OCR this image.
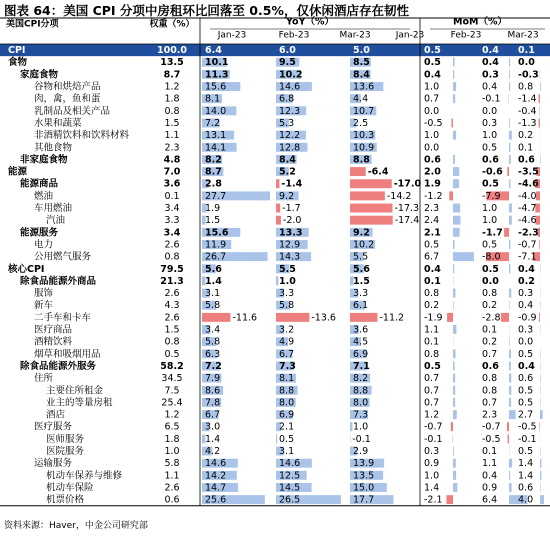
图表 64：美国 CPI 分项中房租环比回落至 0.5%，仅休闲酒店存在韧性
美国CPI分项	权重（%）	YoY（%）	MoM（%）
Jan-23	Jan-23
Feb-23	Feb-23
Mar-23	Mar-23
CPI	100.0 6.4	6.0	5.0	0.5	0.4 0.1
食物	13.5 10.1	9.5	8.5	0.5	0.4 0.0
家庭食物	8.7	11.3	10.2	8.4	0.4	0.3 -0.3
谷物和烘焙产品	1.2	15.6	14.6	13.6	1.0	0.4 0.8
肉，禽，鱼和蛋	1.8	8.1	6.8	4.4	0.7	-0.1 -1.4
乳制品及相关产品	0.8	14.0	12.3	10.7	0.0	0.0 -0.4
水果和蔬菜	1.5	7.2	5.3	2.5	-0.5	0.3 -1.3
非酒精饮料和饮料材料	1.1	13.1	12.2	10.3	1.0	1.0 0.2
其他食物	2.3	14.1	12.8	10.9	0.0	0.5 0.1
非家庭食物	4.8	8.2	8.4	8.8	0.6	0.6 0.6
能源	7.0	8.7	5.2	-6.4	2.0	-0.6 -3.5
能源商品	3.6	2.8	-1.4	-17.0 1.9	0.5 -4.6
燃油	0.1	27.7	9.2	-14.2 -1.2	-7.9 -4.0
车用燃油	3.4	1.9	-1.7	-17.3 2.3	1.0 -4.7
汽油	3.3	1.5	-2.0	-17.4 2.4	1.0 -4.6
能源服务	3.4	15.6	13.3	9.2	2.1	-1.7 -2.3
电力	2.6	11.9	12.9	10.2	0.5	0.5 -0.7
公用燃气服务	0.8	26.7	14.3	5.5	6.7	-8.0 -7.1
核心CPI	79.5 5.6	5.5	5.6	0.4	0.5 0.4
除食品能源外商品	21.3 1.4	1.0	1.5	0.1	0.0 0.2
服饰	2.6	3.1	3.3	3.3	0.8	0.8 0.3
新车	4.3	5.8	5.8	6.1	0.2	0.2 0.4
二手车和卡车	2.6	-11.6	-13.6	-11.2 -1.9	-2.8 -0.9
医疗商品	1.5	3.4	3.2	3.6	1.1	0.1 0.3
酒精饮料	0.8	5.8	4.9	4.5	0.1	0.2 0.0
烟草和吸烟用品	0.5	6.3	6.7	6.9	0.8	0.7 0.5
除食品能源外服务	58.2 7.2	7.3	7.1	0.5	0.6 0.4
住所	34.5 7.9	8.1	8.2	0.7	0.8 0.6
主要住所租金	7.5	8.6	8.8	8.8	0.7	0.8 0.5
业主的等量房租	25.4 7.8	8.0	8.0	0.7	0.7 0.5
酒店	1.2	6.7	6.9	7.3	1.2	2.3 2.7
医疗服务	6.5	3.0	2.1	1.0	-0.7	-0.7 -0.5
医师服务	1.8	1.4	0.5	-0.1	-0.1	-0.5 -0.1
医院服务	1.0	4.2	3.1	2.9	0.3	0.1 0.5
运输服务	5.8	14.6	14.6	13.9	0.9	1.1 1.4
机动车保养与维修	1.1	14.2	12.5	13.5	1.0	0.4 1.4
机动车保险	2.6	14.7	14.5	15.0	1.4	0.9 0.6
机票价格	0.6	25.6	26.5	17.7	-2.1	6.4 4.0
资料来源：Haver，中金公司研究部
